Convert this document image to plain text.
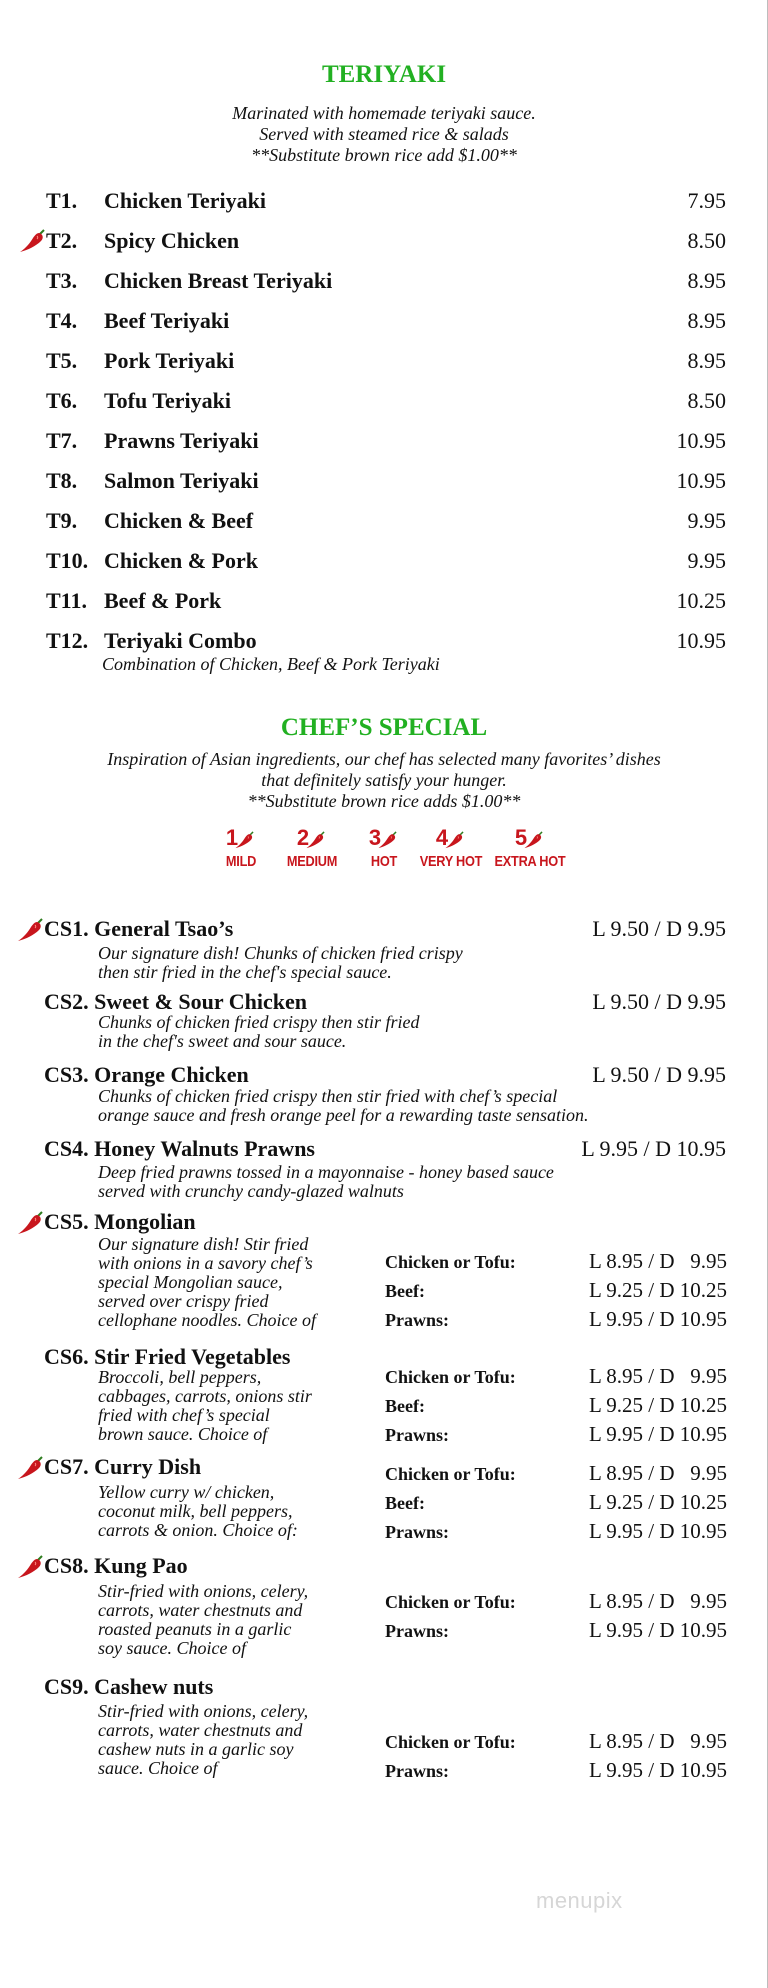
TERIYAKI
Marinated with homemade teriyaki sauce.
Served with steamed rice & salads
**Substitute brown rice add $1.00**
T1. Chicken Teriyaki	7.95
T2. Spicy Chicken	8.50
T3. Chicken Breast Teriyaki	8.95
T4. Beef Teriyaki	8.95
T5. Pork Teriyaki	8.95
T6. Tofu Teriyaki	8.50
T7. Prawns Teriyaki	10.95
T8. Salmon Teriyaki	10.95
T9. Chicken & Beef	9.95
T10. Chicken & Pork	9.95
T11. Beef & Pork	10.25
T12. Teriyaki Combo	10.95
Combination of Chicken, Beef & Pork Teriyaki
CHEF’S SPECIAL
Inspiration of Asian ingredients, our chef has selected many favorites’ dishes
that definitely satisfy your hunger.
**Substitute brown rice adds $1.00**
1
MILD
2
MEDIUM
3
HOT
4
VERY HOT
5
EXTRA HOT
CS1. General Tsao’s	L 9.50 / D 9.95
Our signature dish! Chunks of chicken fried crispy
then stir fried in the chef's special sauce.
CS2. Sweet & Sour Chicken	L 9.50 / D 9.95
Chunks of chicken fried crispy then stir fried
in the chef's sweet and sour sauce.
CS3. Orange Chicken	L 9.50 / D 9.95
Chunks of chicken fried crispy then stir fried with chef’s special
orange sauce and fresh orange peel for a rewarding taste sensation.
CS4. Honey Walnuts Prawns	L 9.95 / D 10.95
Deep fried prawns tossed in a mayonnaise - honey based sauce
served with crunchy candy-glazed walnuts
CS5. Mongolian
Our signature dish! Stir fried
with onions in a savory chef’s
special Mongolian sauce,
served over crispy fried
cellophane noodles. Choice of
Chicken or Tofu:	L 8.95 / D   9.95
Beef:	L 9.25 / D 10.25
Prawns:	L 9.95 / D 10.95
CS6. Stir Fried Vegetables
Broccoli, bell peppers,
cabbages, carrots, onions stir
fried with chef’s special
brown sauce. Choice of
Chicken or Tofu:	L 8.95 / D   9.95
Beef:	L 9.25 / D 10.25
Prawns:	L 9.95 / D 10.95
CS7. Curry Dish
Yellow curry w/ chicken,
coconut milk, bell peppers,
carrots & onion. Choice of:
Chicken or Tofu:	L 8.95 / D   9.95
Beef:	L 9.25 / D 10.25
Prawns:	L 9.95 / D 10.95
CS8. Kung Pao
Stir-fried with onions, celery,
carrots, water chestnuts and
roasted peanuts in a garlic
soy sauce. Choice of
Chicken or Tofu:	L 8.95 / D   9.95
Prawns:	L 9.95 / D 10.95
CS9. Cashew nuts
Stir-fried with onions, celery,
carrots, water chestnuts and
cashew nuts in a garlic soy
sauce. Choice of
Chicken or Tofu:	L 8.95 / D   9.95
Prawns:	L 9.95 / D 10.95
menupix
